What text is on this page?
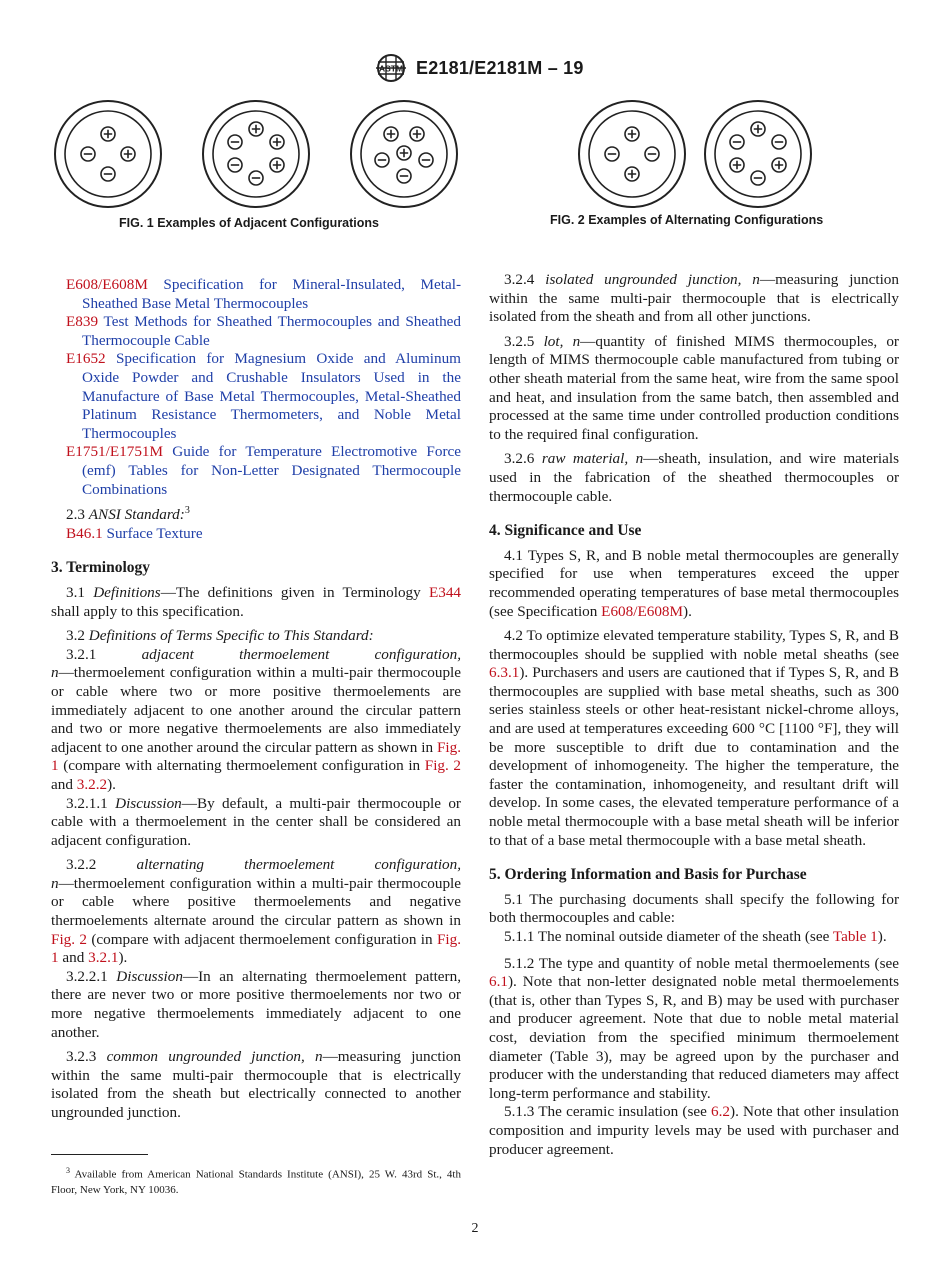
ASTM E2181/E2181M – 19
FIG. 1 Examples of Adjacent Configurations	FIG. 2 Examples of Alternating Configurations

E608/E608M Specification for Mineral-Insulated, Metal-Sheathed Base Metal Thermocouples

E839 Test Methods for Sheathed Thermocouples and Sheathed Thermocouple Cable

E1652 Specification for Magnesium Oxide and Aluminum Oxide Powder and Crushable Insulators Used in the Manufacture of Base Metal Thermocouples, Metal-Sheathed Platinum Resistance Thermometers, and Noble Metal Thermocouples

E1751/E1751M Guide for Temperature Electromotive Force (emf) Tables for Non-Letter Designated Thermocouple Combinations

2.3 ANSI Standard:$^3$

B46.1 Surface Texture

3. Terminology

3.1 Definitions—The definitions given in Terminology E344 shall apply to this specification.

3.2 Definitions of Terms Specific to This Standard:

3.2.1	adjacent	thermoelement	configuration,
n—thermoelement configuration within a multi-pair thermocouple or cable where two or more positive thermoelements are immediately adjacent to one another around the circular pattern and two or more negative thermoelements are also immediately adjacent to one another around the circular pattern as shown in Fig. 1 (compare with alternating thermoelement configuration in Fig. 2 and 3.2.2).

3.2.1.1 Discussion—By default, a multi-pair thermocouple or cable with a thermoelement in the center shall be considered an adjacent configuration.

3.2.2	alternating	thermoelement	configuration,
n—thermoelement configuration within a multi-pair thermocouple or cable where positive thermoelements and negative thermoelements alternate around the circular pattern as shown in Fig. 2 (compare with adjacent thermoelement configuration in Fig. 1 and 3.2.1).

3.2.2.1 Discussion—In an alternating thermoelement pattern, there are never two or more positive thermoelements nor two or more negative thermoelements immediately adjacent to one another.

3.2.3 common ungrounded junction, n—measuring junction within the same multi-pair thermocouple that is electrically isolated from the sheath but electrically connected to another ungrounded junction.

3.2.4 isolated ungrounded junction, n—measuring junction within the same multi-pair thermocouple that is electrically isolated from the sheath and from all other junctions.

3.2.5 lot, n—quantity of finished MIMS thermocouples, or length of MIMS thermocouple cable manufactured from tubing or other sheath material from the same heat, wire from the same spool and heat, and insulation from the same batch, then assembled and processed at the same time under controlled production conditions to the required final configuration.

3.2.6 raw material, n—sheath, insulation, and wire materials used in the fabrication of the sheathed thermocouples or thermocouple cable.

4. Significance and Use

4.1 Types S, R, and B noble metal thermocouples are generally specified for use when temperatures exceed the upper recommended operating temperatures of base metal thermocouples (see Specification E608/E608M).

4.2 To optimize elevated temperature stability, Types S, R, and B thermocouples should be supplied with noble metal sheaths (see 6.3.1). Purchasers and users are cautioned that if Types S, R, and B thermocouples are supplied with base metal sheaths, such as 300 series stainless steels or other heat-resistant nickel-chrome alloys, and are used at temperatures exceeding 600 °C [1100 °F], they will be more susceptible to drift due to contamination and the development of inhomogeneity. The higher the temperature, the faster the contamination, inhomogeneity, and resultant drift will develop. In some cases, the elevated temperature performance of a noble metal thermocouple with a base metal sheath will be inferior to that of a base metal thermocouple with a base metal sheath.

5. Ordering Information and Basis for Purchase

5.1 The purchasing documents shall specify the following for both thermocouples and cable:

5.1.1 The nominal outside diameter of the sheath (see Table 1).

5.1.2 The type and quantity of noble metal thermoelements (see 6.1). Note that non-letter designated noble metal thermoelements (that is, other than Types S, R, and B) may be used with purchaser and producer agreement. Note that due to noble metal material cost, deviation from the specified minimum thermoelement diameter (Table 3), may be agreed upon by the purchaser and producer with the understanding that reduced diameters may affect long-term performance and stability.

5.1.3 The ceramic insulation (see 6.2). Note that other insulation composition and impurity levels may be used with purchaser and producer agreement.

$^3$ Available from American National Standards Institute (ANSI), 25 W. 43rd St., 4th Floor, New York, NY 10036.
2
